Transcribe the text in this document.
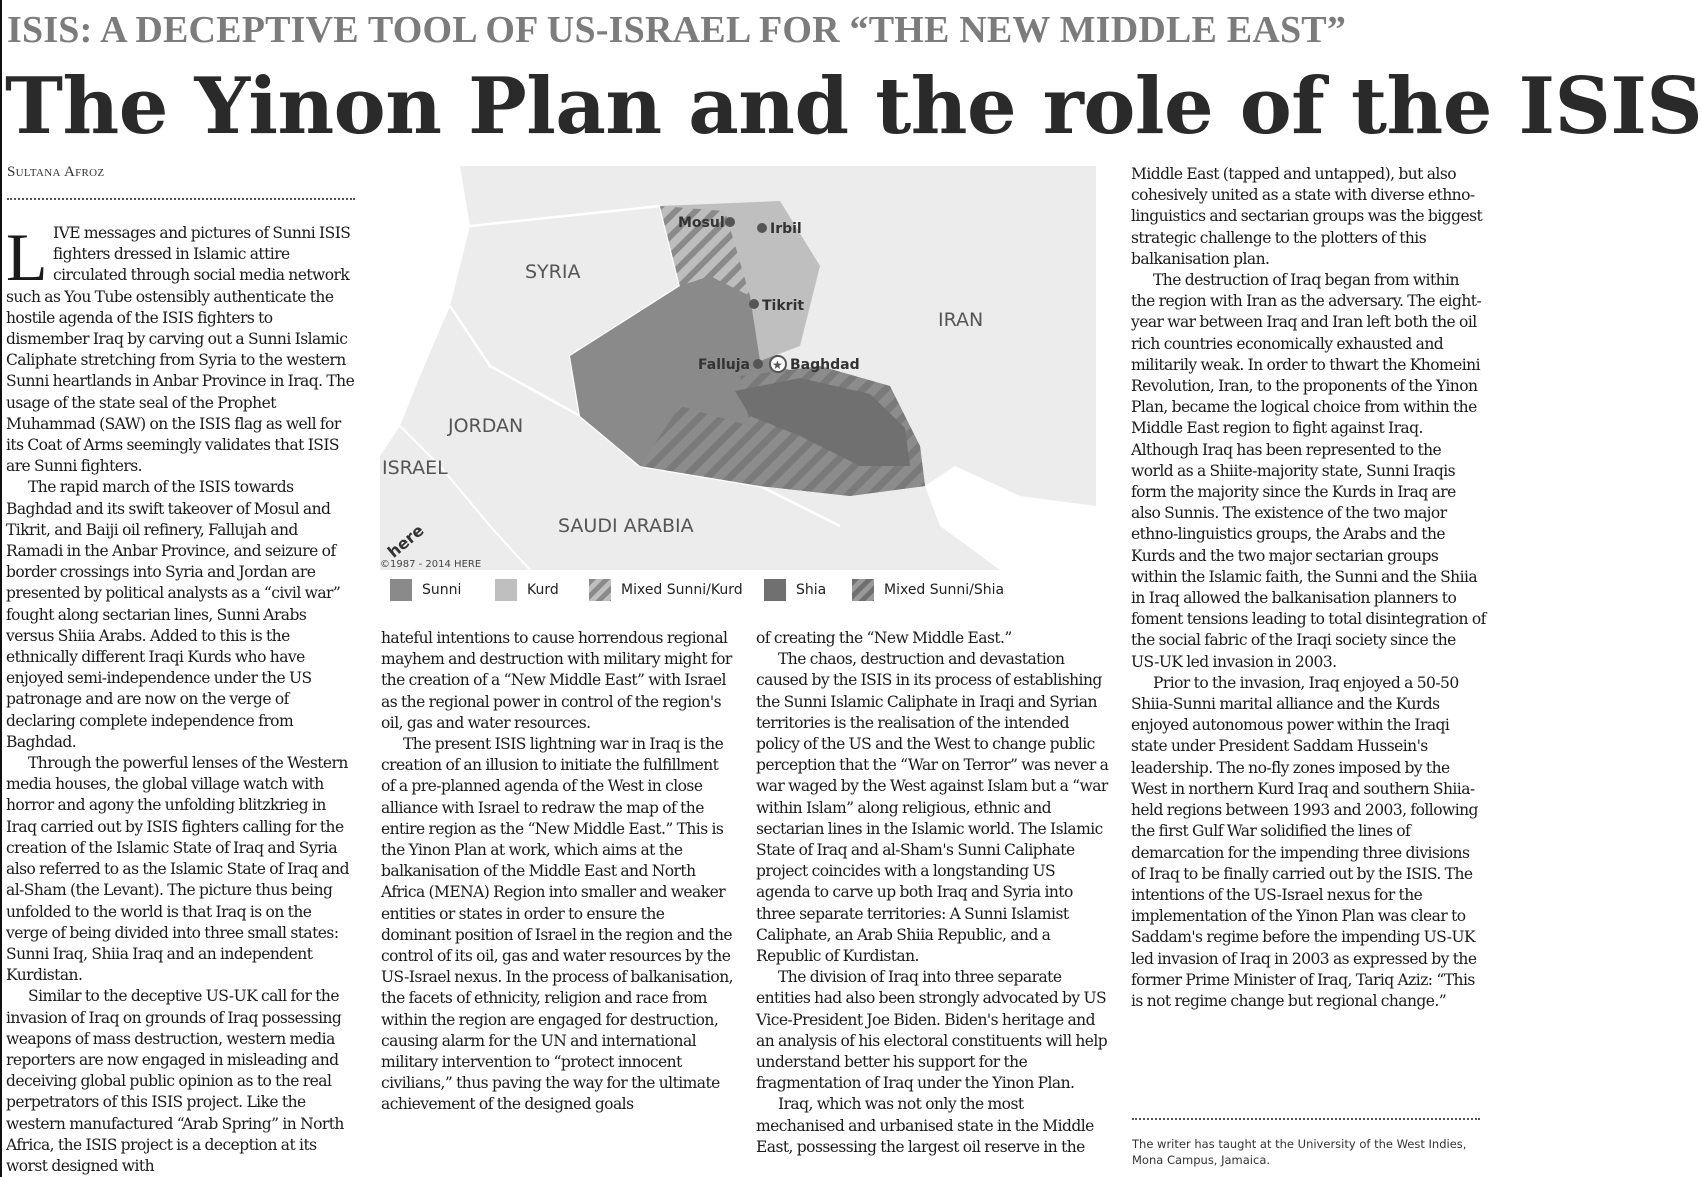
ISIS: A DECEPTIVE TOOL OF US-ISRAEL FOR “THE NEW MIDDLE EAST”
The Yinon Plan and the role of the ISIS
Sultana Afroz

LIVE messages and pictures of Sunni ISIS fighters dressed in Islamic attire circulated through social media network such as You Tube ostensibly authenticate the hostile agenda of the ISIS fighters to dismember Iraq by carving out a Sunni Islamic Caliphate stretching from Syria to the western Sunni heartlands in Anbar Province in Iraq. The usage of the state seal of the Prophet Muhammad (SAW) on the ISIS flag as well for its Coat of Arms seemingly validates that ISIS are Sunni fighters.

The rapid march of the ISIS towards Baghdad and its swift takeover of Mosul and Tikrit, and Baiji oil refinery, Fallujah and Ramadi in the Anbar Province, and seizure of border crossings into Syria and Jordan are presented by political analysts as a “civil war” fought along sectarian lines, Sunni Arabs versus Shiia Arabs. Added to this is the ethnically different Iraqi Kurds who have enjoyed semi-independence under the US patronage and are now on the verge of declaring complete independence from Baghdad.

Through the powerful lenses of the Western media houses, the global village watch with horror and agony the unfolding blitzkrieg in Iraq carried out by ISIS fighters calling for the creation of the Islamic State of Iraq and Syria also referred to as the Islamic State of Iraq and al-Sham (the Levant). The picture thus being unfolded to the world is that Iraq is on the verge of being divided into three small states: Sunni Iraq, Shiia Iraq and an independent Kurdistan.

Similar to the deceptive US-UK call for the invasion of Iraq on grounds of Iraq possessing weapons of mass destruction, western media reporters are now engaged in misleading and deceiving global public opinion as to the real perpetrators of this ISIS project. Like the western manufactured “Arab Spring” in North Africa, the ISIS project is a deception at its worst designed with

SYRIA
IRAN
JORDAN
ISRAEL
SAUDI ARABIA
Mosul	Irbil
Tikrit
Falluja ★ Baghdad
here
©1987 - 2014 HERE
Sunni	Kurd	Mixed Sunni/Kurd	Shia	Mixed Sunni/Shia

hateful intentions to cause horrendous regional mayhem and destruction with military might for the creation of a “New Middle East” with Israel as the regional power in control of the region's oil, gas and water resources.

The present ISIS lightning war in Iraq is the creation of an illusion to initiate the fulfillment of a pre-planned agenda of the West in close alliance with Israel to redraw the map of the entire region as the “New Middle East.” This is the Yinon Plan at work, which aims at the balkanisation of the Middle East and North Africa (MENA) Region into smaller and weaker entities or states in order to ensure the dominant position of Israel in the region and the control of its oil, gas and water resources by the US-Israel nexus. In the process of balkanisation, the facets of ethnicity, religion and race from within the region are engaged for destruction, causing alarm for the UN and international military intervention to “protect innocent civilians,” thus paving the way for the ultimate achievement of the designed goals

of creating the “New Middle East.”

The chaos, destruction and devastation caused by the ISIS in its process of establishing the Sunni Islamic Caliphate in Iraqi and Syrian territories is the realisation of the intended policy of the US and the West to change public perception that the “War on Terror” was never a war waged by the West against Islam but a “war within Islam” along religious, ethnic and sectarian lines in the Islamic world. The Islamic State of Iraq and al-Sham's Sunni Caliphate project coincides with a longstanding US agenda to carve up both Iraq and Syria into three separate territories: A Sunni Islamist Caliphate, an Arab Shiia Republic, and a Republic of Kurdistan.

The division of Iraq into three separate entities had also been strongly advocated by US Vice-President Joe Biden. Biden's heritage and an analysis of his electoral constituents will help understand better his support for the fragmentation of Iraq under the Yinon Plan.

Iraq, which was not only the most mechanised and urbanised state in the Middle East, possessing the largest oil reserve in the

Middle East (tapped and untapped), but also cohesively united as a state with diverse ethno-linguistics and sectarian groups was the biggest strategic challenge to the plotters of this balkanisation plan.

The destruction of Iraq began from within the region with Iran as the adversary. The eight-year war between Iraq and Iran left both the oil rich countries economically exhausted and militarily weak. In order to thwart the Khomeini Revolution, Iran, to the proponents of the Yinon Plan, became the logical choice from within the Middle East region to fight against Iraq. Although Iraq has been represented to the world as a Shiite-majority state, Sunni Iraqis form the majority since the Kurds in Iraq are also Sunnis. The existence of the two major ethno-linguistics groups, the Arabs and the Kurds and the two major sectarian groups within the Islamic faith, the Sunni and the Shiia in Iraq allowed the balkanisation planners to foment tensions leading to total disintegration of the social fabric of the Iraqi society since the US-UK led invasion in 2003.

Prior to the invasion, Iraq enjoyed a 50-50 Shiia-Sunni marital alliance and the Kurds enjoyed autonomous power within the Iraqi state under President Saddam Hussein's leadership. The no-fly zones imposed by the West in northern Kurd Iraq and southern Shiia-held regions between 1993 and 2003, following the first Gulf War solidified the lines of demarcation for the impending three divisions of Iraq to be finally carried out by the ISIS. The intentions of the US-Israel nexus for the implementation of the Yinon Plan was clear to Saddam's regime before the impending US-UK led invasion of Iraq in 2003 as expressed by the former Prime Minister of Iraq, Tariq Aziz: “This is not regime change but regional change.”

The writer has taught at the University of the West Indies, Mona Campus, Jamaica.
